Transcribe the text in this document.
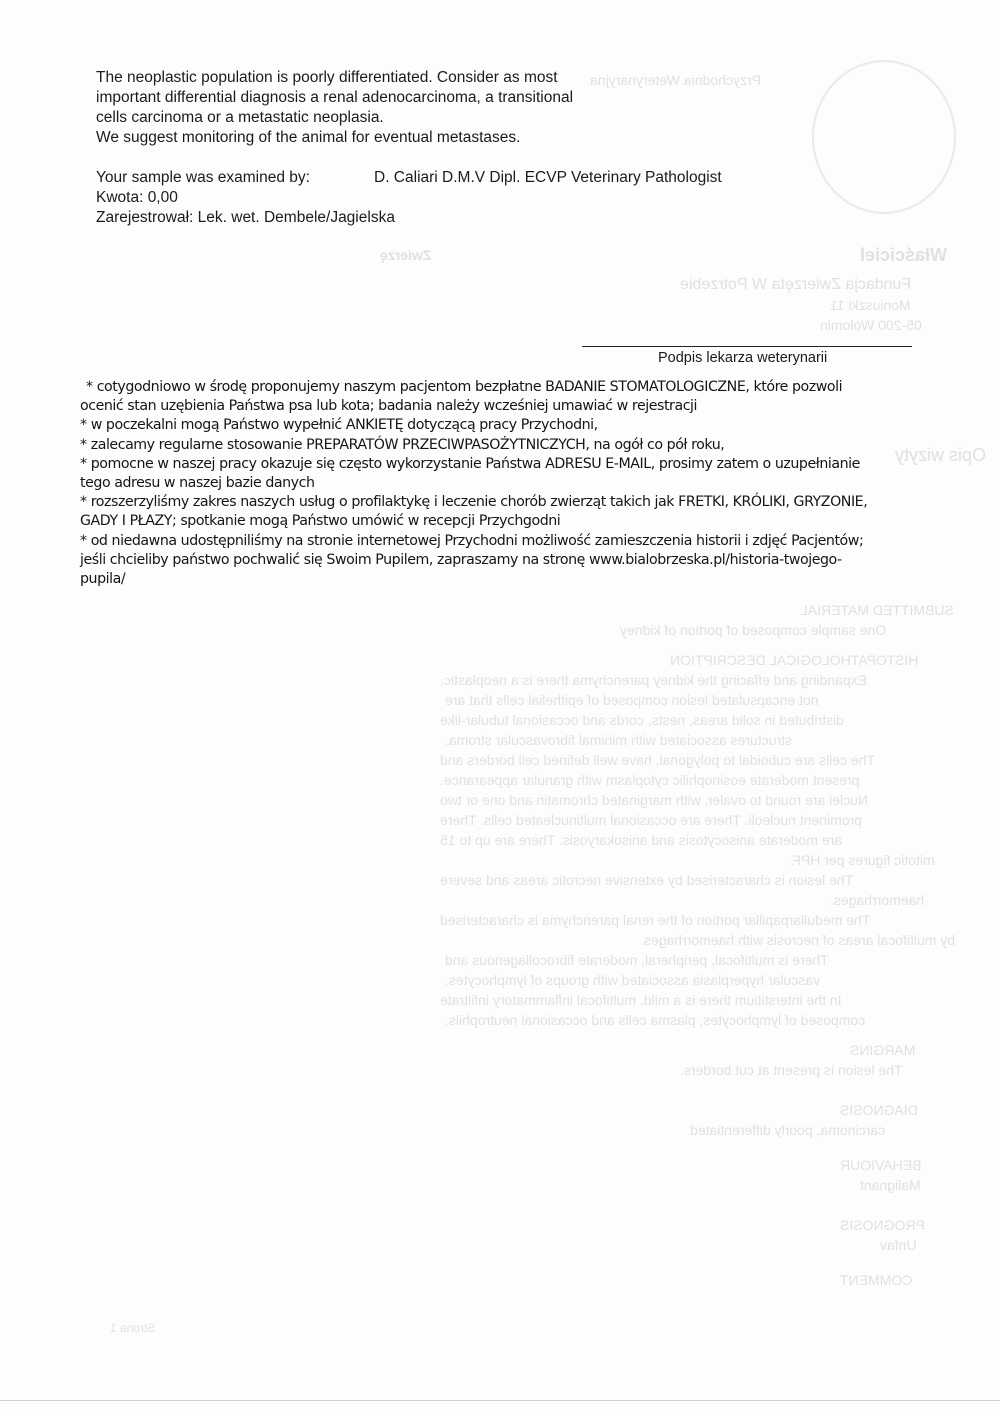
Przychodnia Weterynaryjna
Właściciel
Zwierzę
Fundacja Zwierzęta W Potrzebie
Moniuszki 11
05-200 Wołomin
Opis wizyty
SUBMITTED MATERIAL
One sample composed of portion of kidney
HISTOPATHOLOGICAL DESCRIPTION
Expanding and effacing the kidney parenchyma there is a neoplastic,
not encapsulated lesion composed of epithelial cells that are
distributed in solid areas, nests, cords and occasional tubular-like
structures associated with minimal fibrovascular stroma.
The cells are cuboidal to polygonal, have well defined cell borders and
present moderate eosinophilic cytoplasm with granular appearance.
Nuclei are round to ovaler, with marginated chromatin and one or two
prominent nucleoli. There are occasional multinucleated cells. There
are moderate anisocytosis and anisokaryosis. There are up to 15
mitotic figures per HPF.
The lesion is characterised by extensive necrotic areas and severe
haemorrhages.
The medullarpapillar portion of the renal parenchyma is characterised
by multifocal areas of necrosis with haemorrhages.
There is multifocal, peripheral, moderate fibrocollagenous and
vascular hyperplasia associated with groups of lymphocytes.
In the interstitium there is a mild, multifocal inflammatory infiltrate
composed of lymphocytes, plasma cells and occasional neutrophils.
MARGINS
The lesion is present at cut borders.
DIAGNOSIS
carcinoma, poorly differentiated
BEHAVIOUR
Malignant
PROGNOSIS
Unfav
COMMENT
Strona 1

The neoplastic population is poorly differentiated. Consider as most

important differential diagnosis a renal adenocarcinoma, a transitional

cells carcinoma or a metastatic neoplasia.

We suggest monitoring of the animal for eventual metastases.

Your sample was examined by:	D. Caliari D.M.V Dipl. ECVP Veterinary Pathologist
Kwota: 0,00
Zarejestrował: Lek. wet. Dembele/Jagielska
Podpis lekarza weterynarii

* cotygodniowo w środę proponujemy naszym pacjentom bezpłatne BADANIE STOMATOLOGICZNE, które pozwoli

ocenić stan uzębienia Państwa psa lub kota; badania należy wcześniej umawiać w rejestracji

* w poczekalni mogą Państwo wypełnić ANKIETĘ dotyczącą pracy Przychodni,

* zalecamy regularne stosowanie PREPARATÓW PRZECIWPASOŻYTNICZYCH, na ogół co pół roku,

* pomocne w naszej pracy okazuje się często wykorzystanie Państwa ADRESU E-MAIL, prosimy zatem o uzupełnianie

tego adresu w naszej bazie danych

* rozszerzyliśmy zakres naszych usług o profilaktykę i leczenie chorób zwierząt takich jak FRETKI, KRÓLIKI, GRYZONIE,

GADY I PŁAZY; spotkanie mogą Państwo umówić w recepcji Przychgodni

* od niedawna udostępniliśmy na stronie internetowej Przychodni możliwość zamieszczenia historii i zdjęć Pacjentów;

jeśli chcieliby państwo pochwalić się Swoim Pupilem, zapraszamy na stronę www.bialobrzeska.pl/historia-twojego-

pupila/
